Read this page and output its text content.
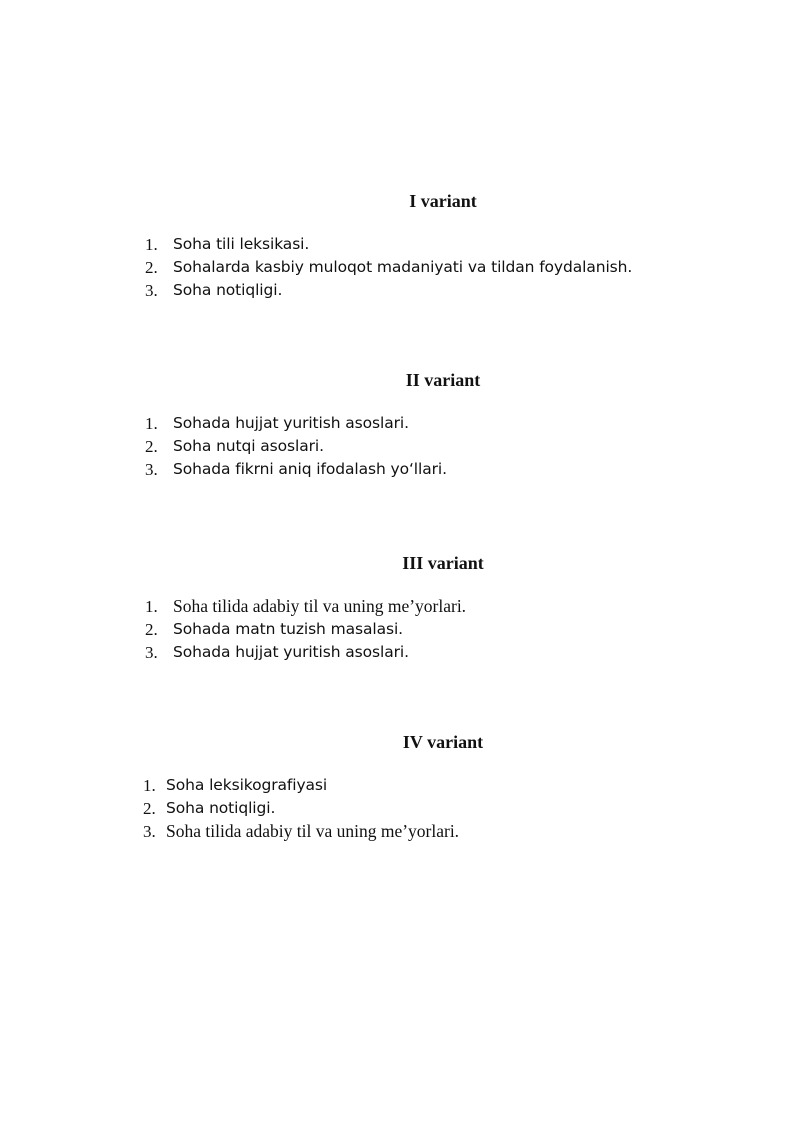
I variant
1. Soha tili leksikasi.
2. Sohalarda kasbiy muloqot madaniyati va tildan foydalanish.
3. Soha notiqligi.
II variant
1. Sohada hujjat yuritish asoslari.
2. Soha nutqi asoslari.
3. Sohada fikrni aniq ifodalash yo‘llari.
III variant
1. Soha tilida adabiy til va uning me’yorlari.
2. Sohada matn tuzish masalasi.
3. Sohada hujjat yuritish asoslari.
IV variant
1. Soha leksikografiyasi
2. Soha notiqligi.
3. Soha tilida adabiy til va uning me’yorlari.
